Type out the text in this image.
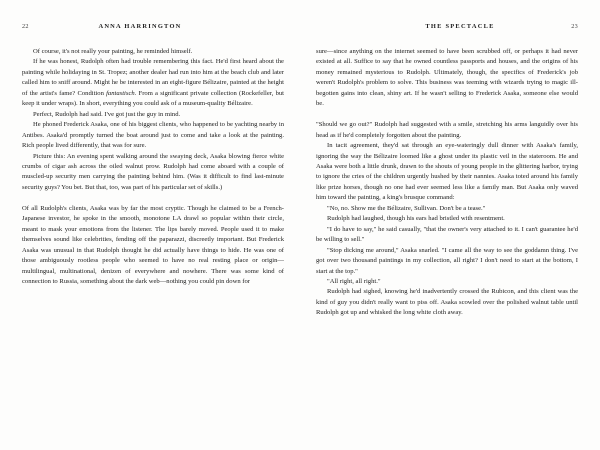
22	ANNA HARRINGTON

Of course, it's not really your painting, he reminded himself.

If he was honest, Rudolph often had trouble remembering this fact. He'd first heard about the painting while holidaying in St. Tropez; another dealer had run into him at the beach club and later called him to sniff around. Might he be interested in an eight-figure Bélizaire, painted at the height of the artist's fame? Condition fantastisch. From a significant private collection (Rockefeller, but keep it under wraps). In short, everything you could ask of a museum-quality Bélizaire.

Perfect, Rudolph had said. I've got just the guy in mind.

He phoned Frederick Asaka, one of his biggest clients, who happened to be yachting nearby in Antibes. Asaka'd promptly turned the boat around just to come and take a look at the painting. Rich people lived differently, that was for sure.

Picture this: An evening spent walking around the swaying deck, Asaka blowing fierce white crumbs of cigar ash across the oiled walnut prow. Rudolph had come aboard with a couple of muscled-up security men carrying the painting behind him. (Was it difficult to find last-minute security guys? You bet. But that, too, was part of his particular set of skills.)

Of all Rudolph's clients, Asaka was by far the most cryptic. Though he claimed to be a French-Japanese investor, he spoke in the smooth, monotone LA drawl so popular within their circle, meant to mask your emotions from the listener. The lips barely moved. People used it to make themselves sound like celebrities, fending off the paparazzi, discreetly important. But Frederick Asaka was unusual in that Rudolph thought he did actually have things to hide. He was one of those ambiguously rootless people who seemed to have no real resting place or origin—multilingual, multinational, denizen of everywhere and nowhere. There was some kind of connection to Russia, something about the dark web—nothing you could pin down for

THE SPECTACLE	23

sure—since anything on the internet seemed to have been scrubbed off, or perhaps it had never existed at all. Suffice to say that he owned countless passports and houses, and the origins of his money remained mysterious to Rudolph. Ultimately, though, the specifics of Frederick's job weren't Rudolph's problem to solve. This business was teeming with wizards trying to magic ill-begotten gains into clean, shiny art. If he wasn't selling to Frederick Asaka, someone else would be.

"Should we go out?" Rudolph had suggested with a smile, stretching his arms languidly over his head as if he'd completely forgotten about the painting.

In tacit agreement, they'd sat through an eye-wateringly dull dinner with Asaka's family, ignoring the way the Bélizaire loomed like a ghost under its plastic veil in the stateroom. He and Asaka were both a little drunk, drawn to the shouts of young people in the glittering harbor, trying to ignore the cries of the children urgently hushed by their nannies. Asaka toted around his family like prize horses, though no one had ever seemed less like a family man. But Asaka only waved him toward the painting, a king's brusque command:

"No, no. Show me the Bélizaire, Sullivan. Don't be a tease."

Rudolph had laughed, though his ears had bristled with resentment.

"I do have to say," he said casually, "that the owner's very attached to it. I can't guarantee he'd be willing to sell."

"Stop dicking me around," Asaka snarled. "I came all the way to see the goddamn thing. I've got over two thousand paintings in my collection, all right? I don't need to start at the bottom, I start at the top."

"All right, all right."

Rudolph had sighed, knowing he'd inadvertently crossed the Rubicon, and this client was the kind of guy you didn't really want to piss off. Asaka scowled over the polished walnut table until Rudolph got up and whisked the long white cloth away.
